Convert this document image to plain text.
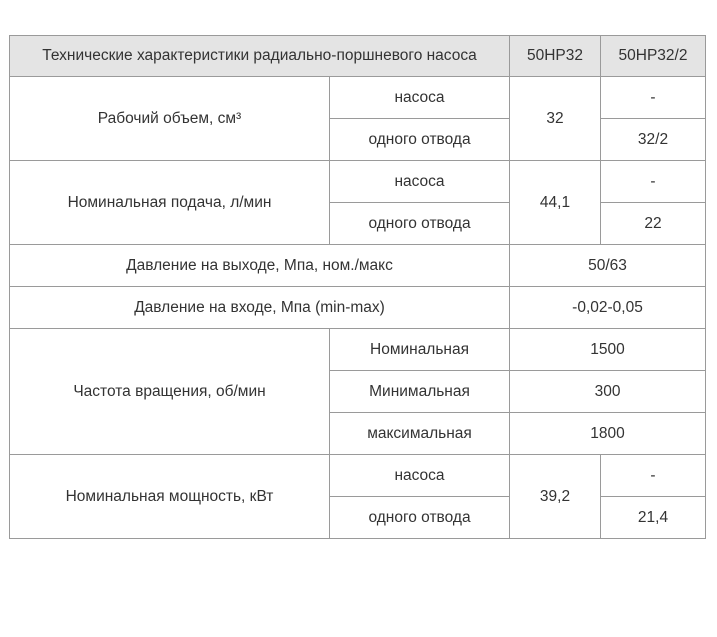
Технические характеристики радиально-поршневого насоса		50НР32	50НР32/2
Рабочий объем, см³	насоса	32	-
	одного отвода		32/2
Номинальная подача, л/мин	насоса	44,1	-
	одного отвода		22
Давление на выходе, Мпа, ном./макс		50/63	
Давление на входе, Мпа (min-max)		-0,02-0,05	
Частота вращения, об/мин	Номинальная	1500	
	Минимальная	300	
	максимальная	1800	
Номинальная мощность, кВт	насоса	39,2	-
	одного отвода		21,4
